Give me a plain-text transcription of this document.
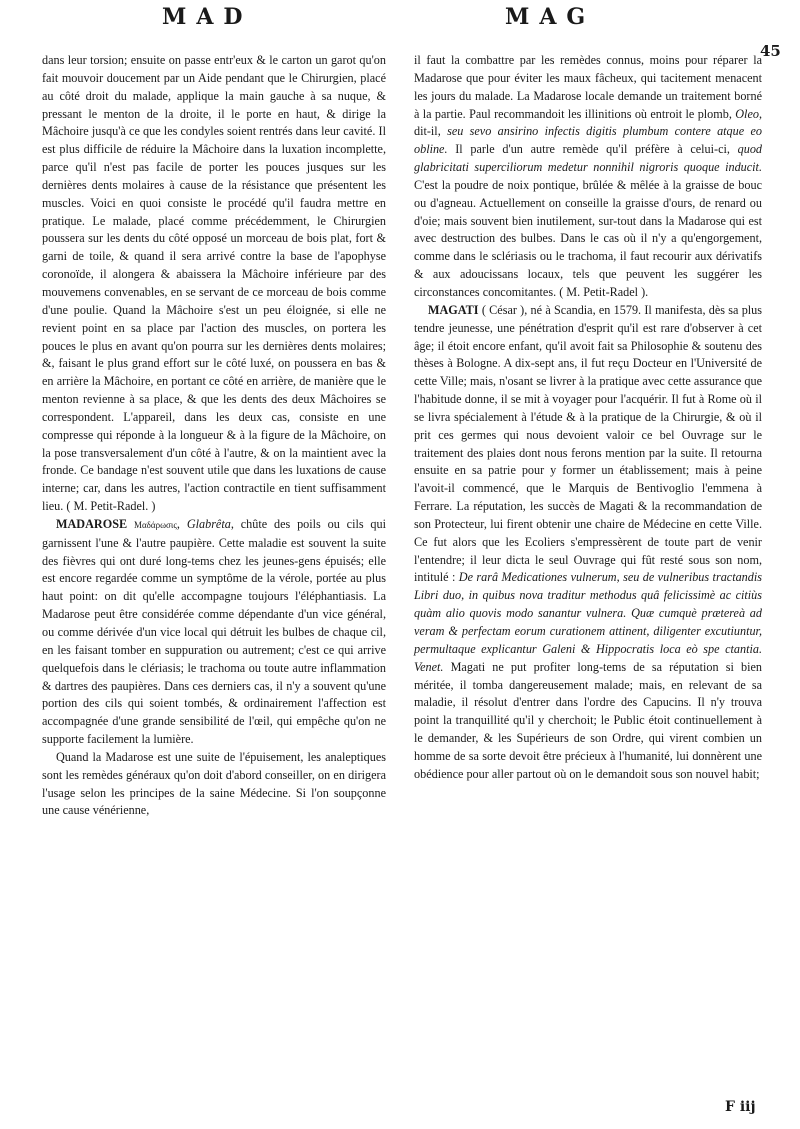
MAD	MAG
45

dans leur torsion; ensuite on passe entr'eux & le carton un garot qu'on fait mouvoir doucement par un Aide pendant que le Chirurgien, placé au côté droit du malade, applique la main gauche à sa nuque, & pressant le menton de la droite, il le porte en haut, & dirige la Mâchoire jusqu'à ce que les condyles soient rentrés dans leur cavité. Il est plus difficile de réduire la Mâchoire dans la luxation incomplette, parce qu'il n'est pas facile de porter les pouces jusques sur les dernières dents molaires à cause de la résistance que présentent les muscles. Voici en quoi consiste le procédé qu'il faudra mettre en pratique. Le malade, placé comme précédemment, le Chirurgien poussera sur les dents du côté opposé un morceau de bois plat, fort & garni de toile, & quand il sera arrivé contre la base de l'apophyse coronoïde, il alongera & abaissera la Mâchoire inférieure par des mouvemens convenables, en se servant de ce morceau de bois comme d'une poulie. Quand la Mâchoire s'est un peu éloignée, si elle ne revient point en sa place par l'action des muscles, on portera les pouces le plus en avant qu'on pourra sur les dernières dents molaires; &, faisant le plus grand effort sur le côté luxé, on poussera en bas & en arrière la Mâchoire, en portant ce côté en arrière, de manière que le menton revienne à sa place, & que les dents des deux Mâchoires se correspondent. L'appareil, dans les deux cas, consiste en une compresse qui réponde à la longueur & à la figure de la Mâchoire, on la pose transversalement d'un côté à l'autre, & on la maintient avec la fronde. Ce bandage n'est souvent utile que dans les luxations de cause interne; car, dans les autres, l'action contractile en tient suffisamment lieu. ( M. Petit-Radel. )

MADAROSE Μαδάρωσις, Glabrêta, chûte des poils ou cils qui garnissent l'une & l'autre paupière. Cette maladie est souvent la suite des fièvres qui ont duré long-tems chez les jeunes-gens épuisés; elle est encore regardée comme un symptôme de la vérole, portée au plus haut point: on dit qu'elle accompagne toujours l'éléphantiasis. La Madarose peut être considérée comme dépendante d'un vice général, ou comme dérivée d'un vice local qui détruit les bulbes de chaque cil, en les faisant tomber en suppuration ou autrement; c'est ce qui arrive quelquefois dans le clériasis; le trachoma ou toute autre inflammation & dartres des paupières. Dans ces derniers cas, il n'y a souvent qu'une portion des cils qui soient tombés, & ordinairement l'affection est accompagnée d'une grande sensibilité de l'œil, qui empêche qu'on ne supporte facilement la lumière.

Quand la Madarose est une suite de l'épuisement, les analeptiques sont les remèdes généraux qu'on doit d'abord conseiller, on en dirigera l'usage selon les principes de la saine Médecine. Si l'on soupçonne une cause vénérienne,

il faut la combattre par les remèdes connus, moins pour réparer la Madarose que pour éviter les maux fâcheux, qui tacitement menacent les jours du malade. La Madarose locale demande un traitement borné à la partie. Paul recommandoit les illinitions où entroit le plomb, Oleo, dit-il, seu sevo ansirino infectis digitis plumbum contere atque eo obline. Il parle d'un autre remède qu'il préfère à celui-ci, quod glabricitati superciliorum medetur nonnihil nigroris quoque inducit. C'est la poudre de noix pontique, brûlée & mêlée à la graisse de bouc ou d'agneau. Actuellement on conseille la graisse d'ours, de renard ou d'oie; mais souvent bien inutilement, sur-tout dans la Madarose qui est avec destruction des bulbes. Dans le cas où il n'y a qu'engorgement, comme dans le sclériasis ou le trachoma, il faut recourir aux dérivatifs & aux adoucissans locaux, tels que peuvent les suggérer les circonstances concomitantes. ( M. Petit-Radel ).

MAGATI ( César ), né à Scandia, en 1579. Il manifesta, dès sa plus tendre jeunesse, une pénétration d'esprit qu'il est rare d'observer à cet âge; il étoit encore enfant, qu'il avoit fait sa Philosophie & soutenu des thèses à Bologne. A dix-sept ans, il fut reçu Docteur en l'Université de cette Ville; mais, n'osant se livrer à la pratique avec cette assurance que l'habitude donne, il se mit à voyager pour l'acquérir. Il fut à Rome où il se livra spécialement à l'étude & à la pratique de la Chirurgie, & où il prit ces germes qui nous devoient valoir ce bel Ouvrage sur le traitement des plaies dont nous ferons mention par la suite. Il retourna ensuite en sa patrie pour y former un établissement; mais à peine l'avoit-il commencé, que le Marquis de Bentivoglio l'emmena à Ferrare. La réputation, les succès de Magati & la recommandation de son Protecteur, lui firent obtenir une chaire de Médecine en cette Ville. Ce fut alors que les Ecoliers s'empressèrent de toute part de venir l'entendre; il leur dicta le seul Ouvrage qui fût resté sous son nom, intitulé : De rarâ Medicationes vulnerum, seu de vulneribus tractandis Libri duo, in quibus nova traditur methodus quâ felicissimè ac citiùs quàm alio quovis modo sanantur vulnera. Quæ cumquè prætereà ad veram & perfectam eorum curationem attinent, diligenter excutiuntur, permultaque explicantur Galeni & Hippocratis loca eò spe ctantia. Venet. Magati ne put profiter long-tems de sa réputation si bien méritée, il tomba dangereusement malade; mais, en relevant de sa maladie, il résolut d'entrer dans l'ordre des Capucins. Il n'y trouva point la tranquillité qu'il y cherchoit; le Public étoit continuellement à le demander, & les Supérieurs de son Ordre, qui virent combien un homme de sa sorte devoit être précieux à l'humanité, lui donnèrent une obédience pour aller partout où on le demandoit sous son nouvel habit;

F iij
